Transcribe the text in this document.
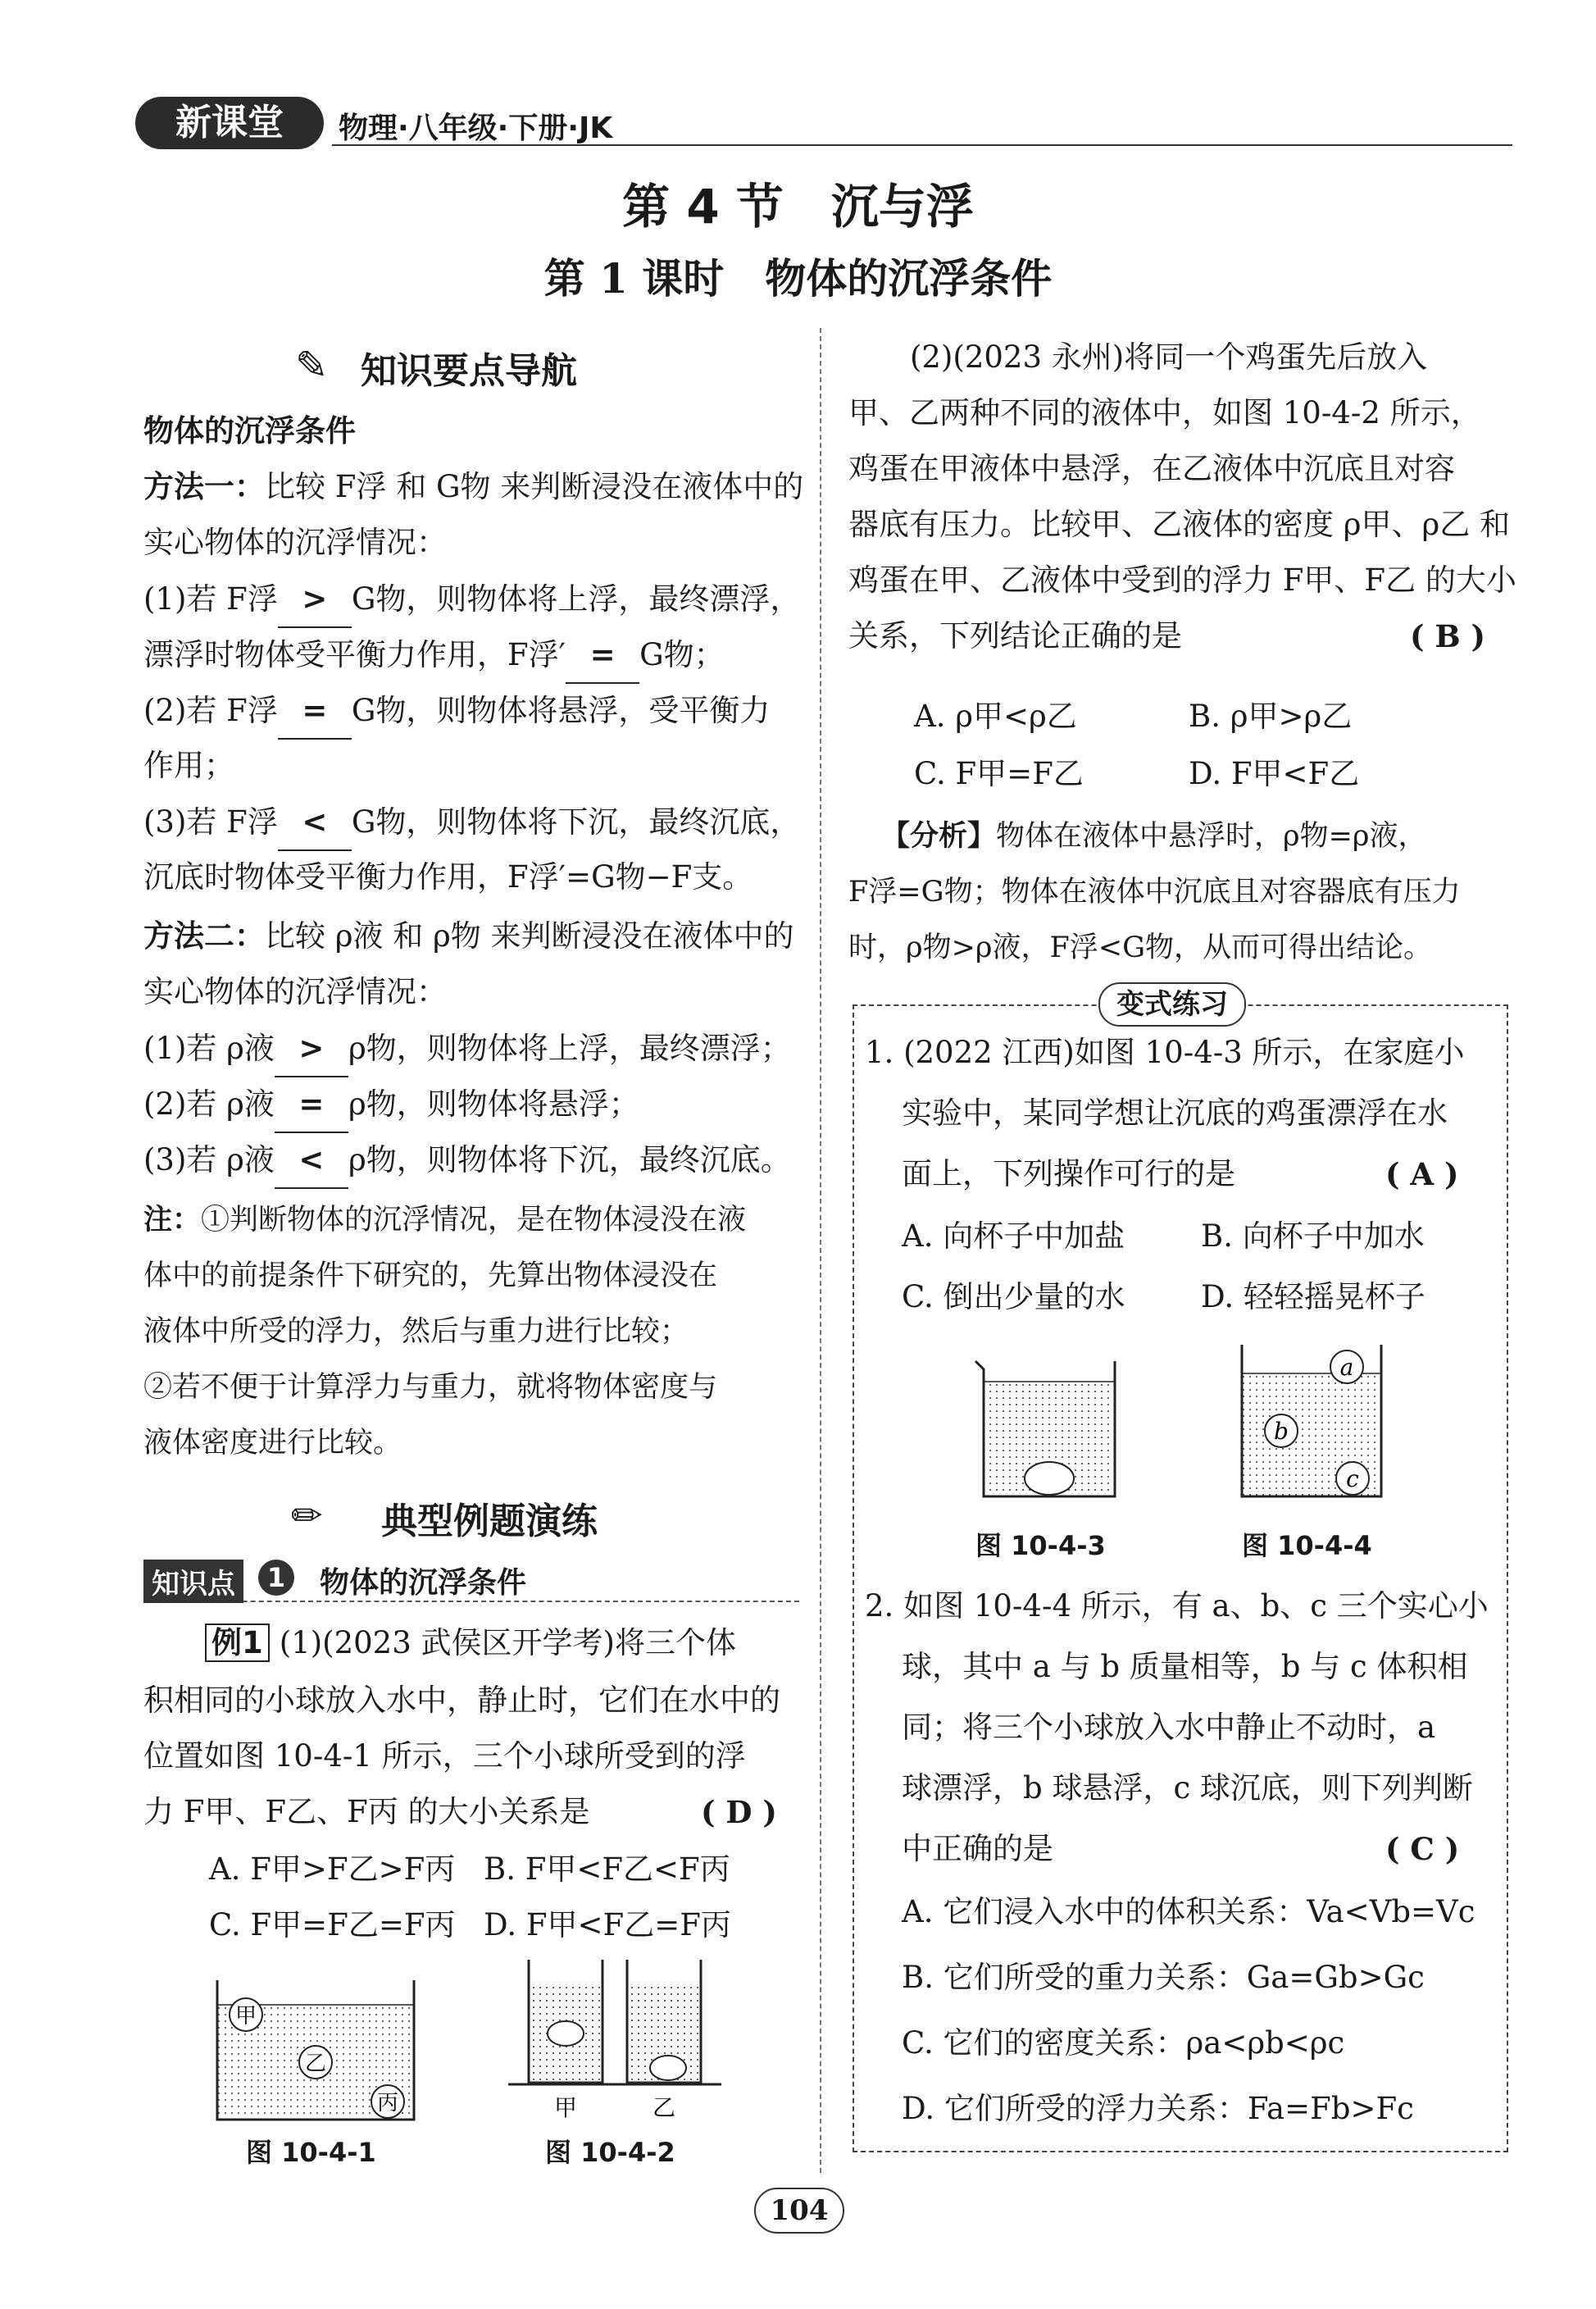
新课堂	物理·八年级·下册·JK
第 4 节　沉与浮
第 1 课时　物体的沉浮条件
✎ 知识要点导航
物体的沉浮条件
方法一：比较 F浮 和 G物 来判断浸没在液体中的
实心物体的沉浮情况：
(1)若 F浮 > G物，则物体将上浮，最终漂浮，
漂浮时物体受平衡力作用，F浮′ = G物；
(2)若 F浮 = G物，则物体将悬浮，受平衡力
作用；
(3)若 F浮 < G物，则物体将下沉，最终沉底，
沉底时物体受平衡力作用，F浮′=G物−F支。
方法二：比较 ρ液 和 ρ物 来判断浸没在液体中的
实心物体的沉浮情况：
(1)若 ρ液 > ρ物，则物体将上浮，最终漂浮；
(2)若 ρ液 = ρ物，则物体将悬浮；
(3)若 ρ液 < ρ物，则物体将下沉，最终沉底。
注：①判断物体的沉浮情况，是在物体浸没在液
体中的前提条件下研究的，先算出物体浸没在
液体中所受的浮力，然后与重力进行比较；
②若不便于计算浮力与重力，就将物体密度与
液体密度进行比较。
✏ 典型例题演练
知识点	1	物体的沉浮条件
例1 (1)(2023 武侯区开学考)将三个体
积相同的小球放入水中，静止时，它们在水中的
位置如图 10-4-1 所示，三个小球所受到的浮
力 F甲、F乙、F丙 的大小关系是	( D )
A. F甲>F乙>F丙 B. F甲<F乙<F丙
C. F甲=F乙=F丙 D. F甲<F乙=F丙
甲
乙
丙
图 10-4-1
甲	乙
图 10-4-2
(2)(2023 永州)将同一个鸡蛋先后放入
甲、乙两种不同的液体中，如图 10-4-2 所示，
鸡蛋在甲液体中悬浮，在乙液体中沉底且对容
器底有压力。比较甲、乙液体的密度 ρ甲、ρ乙 和
鸡蛋在甲、乙液体中受到的浮力 F甲、F乙 的大小
关系，下列结论正确的是	( B )
A. ρ甲<ρ乙	B. ρ甲>ρ乙
C. F甲=F乙	D. F甲<F乙
【分析】物体在液体中悬浮时，ρ物=ρ液，
F浮=G物；物体在液体中沉底且对容器底有压力
时，ρ物>ρ液，F浮<G物，从而可得出结论。
变式练习
1. (2022 江西)如图 10-4-3 所示，在家庭小
实验中，某同学想让沉底的鸡蛋漂浮在水
面上，下列操作可行的是	( A )
A. 向杯子中加盐	B. 向杯子中加水
C. 倒出少量的水 D. 轻轻摇晃杯子
图 10-4-3
a
b
c
图 10-4-4
2. 如图 10-4-4 所示，有 a、b、c 三个实心小
球，其中 a 与 b 质量相等，b 与 c 体积相
同；将三个小球放入水中静止不动时，a
球漂浮，b 球悬浮，c 球沉底，则下列判断
中正确的是	( C )
A. 它们浸入水中的体积关系：Va<Vb=Vc
B. 它们所受的重力关系：Ga=Gb>Gc
C. 它们的密度关系：ρa<ρb<ρc
D. 它们所受的浮力关系：Fa=Fb>Fc
104
